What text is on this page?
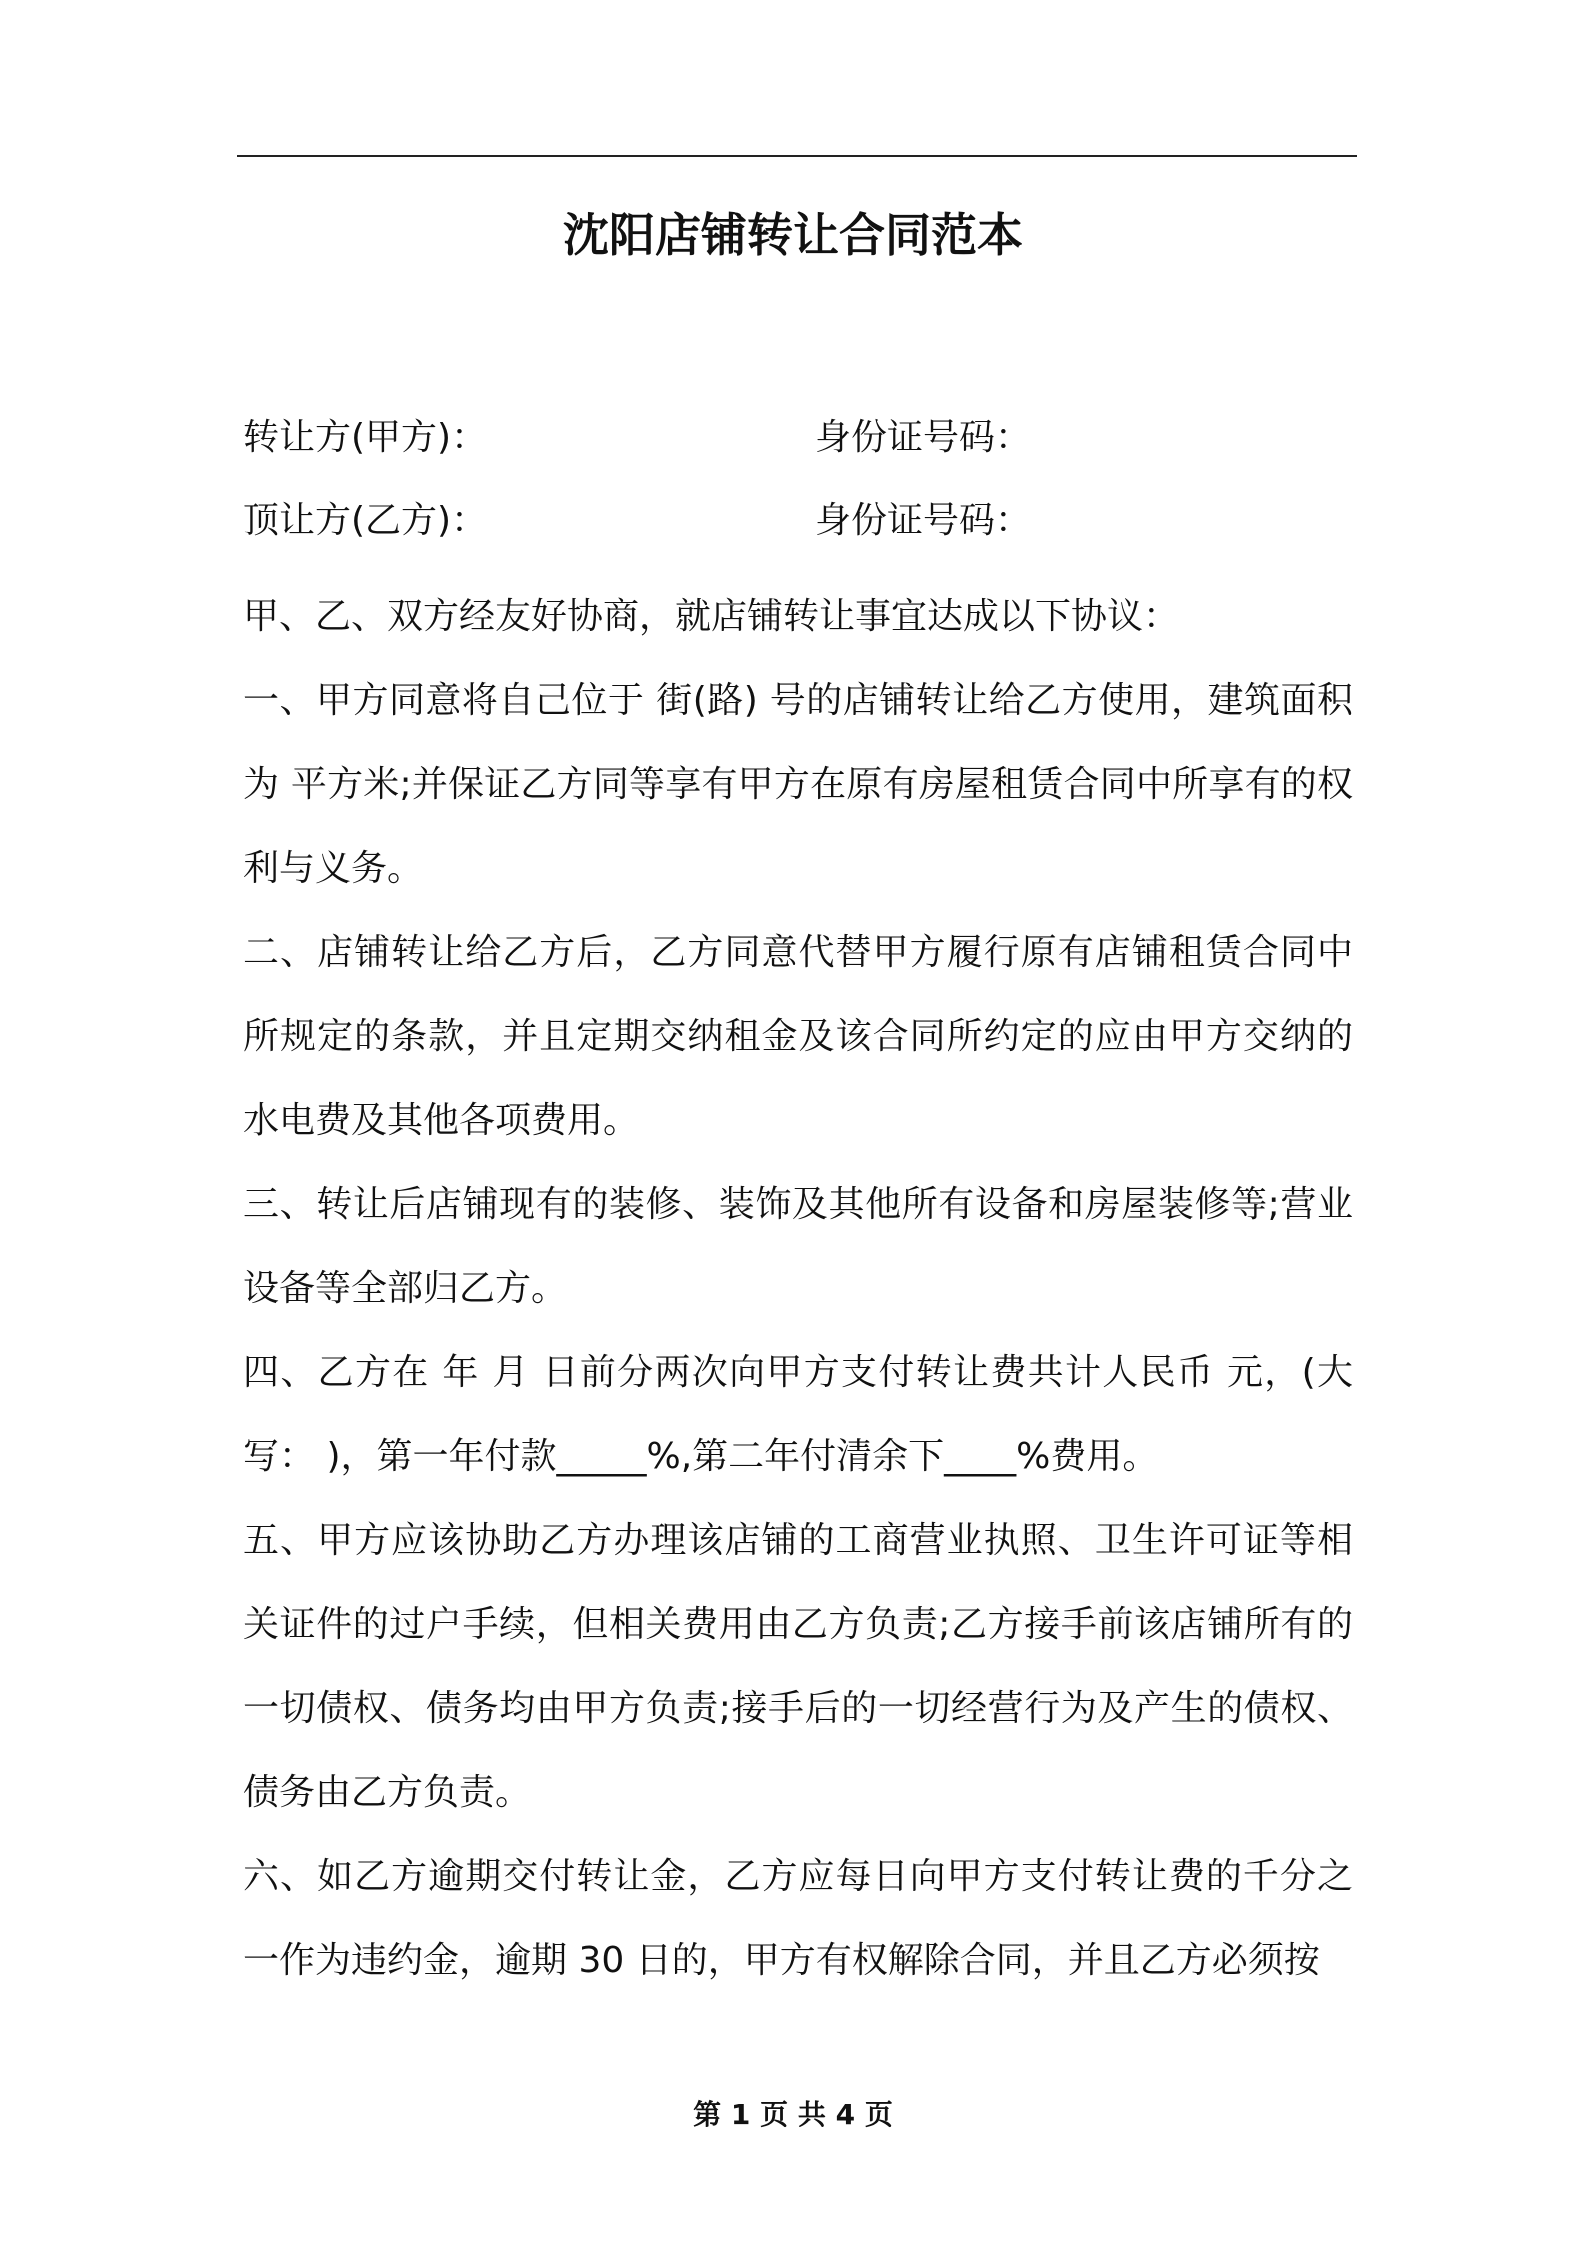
沈阳店铺转让合同范本
转让方(甲方)：	身份证号码：
顶让方(乙方)：	身份证号码：

甲、乙、双方经友好协商，就店铺转让事宜达成以下协议：

一、甲方同意将自己位于 街(路) 号的店铺转让给乙方使用，建筑面积为 平方米;并保证乙方同等享有甲方在原有房屋租赁合同中所享有的权利与义务。

二、店铺转让给乙方后，乙方同意代替甲方履行原有店铺租赁合同中所规定的条款，并且定期交纳租金及该合同所约定的应由甲方交纳的水电费及其他各项费用。

三、转让后店铺现有的装修、装饰及其他所有设备和房屋装修等;营业设备等全部归乙方。

四、乙方在 年 月 日前分两次向甲方支付转让费共计人民币 元，(大写： )，第一年付款_____%,第二年付清余下____%费用。

五、甲方应该协助乙方办理该店铺的工商营业执照、卫生许可证等相关证件的过户手续，但相关费用由乙方负责;乙方接手前该店铺所有的一切债权、债务均由甲方负责;接手后的一切经营行为及产生的债权、债务由乙方负责。

六、如乙方逾期交付转让金，乙方应每日向甲方支付转让费的千分之一作为违约金，逾期 30 日的，甲方有权解除合同，并且乙方必须按

第 1 页 共 4 页
